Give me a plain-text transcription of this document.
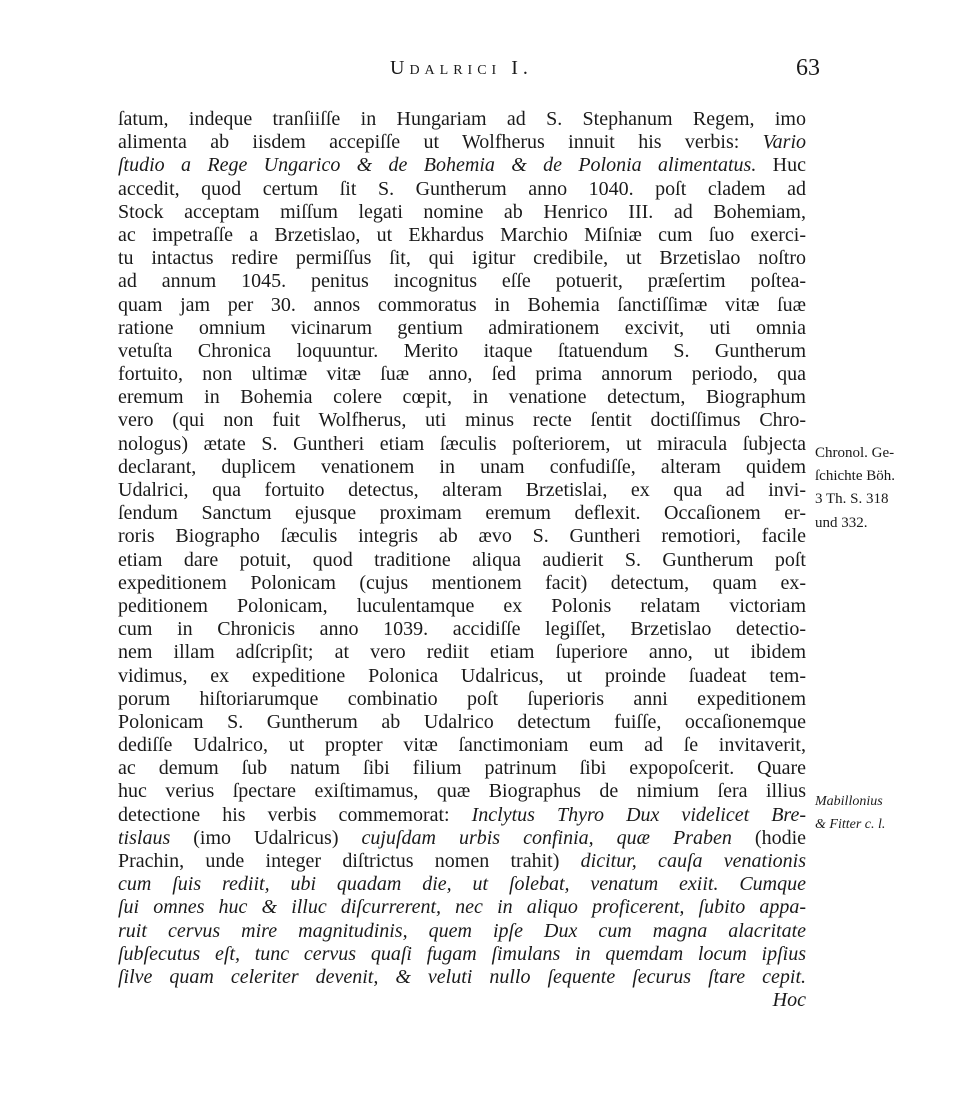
Udalrici I.	63
ſatum, indeque tranſiiſſe in Hungariam ad S. Stephanum Regem, imo
alimenta ab iisdem accepiſſe ut Wolfherus innuit his verbis: Vario
ſtudio a Rege Ungarico & de Bohemia & de Polonia alimentatus. Huc
accedit, quod certum ſit S. Guntherum anno 1040. poſt cladem ad
Stock acceptam miſſum legati nomine ab Henrico III. ad Bohemiam,
ac impetraſſe a Brzetislao, ut Ekhardus Marchio Miſniæ cum ſuo exerci-
tu intactus redire permiſſus ſit, qui igitur credibile, ut Brzetislao noſtro
ad annum 1045. penitus incognitus eſſe potuerit, præſertim poſtea-
quam jam per 30. annos commoratus in Bohemia ſanctiſſimæ vitæ ſuæ
ratione omnium vicinarum gentium admirationem excivit, uti omnia
vetuſta Chronica loquuntur. Merito itaque ſtatuendum S. Guntherum
fortuito, non ultimæ vitæ ſuæ anno, ſed prima annorum periodo, qua
eremum in Bohemia colere cœpit, in venatione detectum, Biographum
vero (qui non fuit Wolfherus, uti minus recte ſentit doctiſſimus Chro-
nologus) ætate S. Guntheri etiam ſæculis poſteriorem, ut miracula ſubjecta
declarant, duplicem venationem in unam confudiſſe, alteram quidem
Udalrici, qua fortuito detectus, alteram Brzetislai, ex qua ad invi-
ſendum Sanctum ejusque proximam eremum deflexit. Occaſionem er-
roris Biographo ſæculis integris ab ævo S. Guntheri remotiori, facile
etiam dare potuit, quod traditione aliqua audierit S. Guntherum poſt
expeditionem Polonicam (cujus mentionem facit) detectum, quam ex-
peditionem Polonicam, luculentamque ex Polonis relatam victoriam
cum in Chronicis anno 1039. accidiſſe legiſſet, Brzetislao detectio-
nem illam adſcripſit; at vero rediit etiam ſuperiore anno, ut ibidem
vidimus, ex expeditione Polonica Udalricus, ut proinde ſuadeat tem-
porum hiſtoriarumque combinatio poſt ſuperioris anni expeditionem
Polonicam S. Guntherum ab Udalrico detectum fuiſſe, occaſionemque
dediſſe Udalrico, ut propter vitæ ſanctimoniam eum ad ſe invitaverit,
ac demum ſub natum ſibi filium patrinum ſibi expopoſcerit. Quare
huc verius ſpectare exiſtimamus, quæ Biographus de nimium ſera illius
detectione his verbis commemorat: Inclytus Thyro Dux videlicet Bre-
tislaus (imo Udalricus) cujuſdam urbis confinia, quæ Praben (hodie
Prachin, unde integer diſtrictus nomen trahit) dicitur, cauſa venationis
cum ſuis rediit, ubi quadam die, ut ſolebat, venatum exiit. Cumque
ſui omnes huc & illuc diſcurrerent, nec in aliquo proficerent, ſubito appa-
ruit cervus mire magnitudinis, quem ipſe Dux cum magna alacritate
ſubſecutus eſt, tunc cervus quaſi fugam ſimulans in quemdam locum ipſius
ſilve quam celeriter devenit, & veluti nullo ſequente ſecurus ſtare cepit.
Hoc
Chronol. Ge-
ſchichte Böh.
3 Th. S. 318
und 332.
Mabillonius
& Fitter c. l.
